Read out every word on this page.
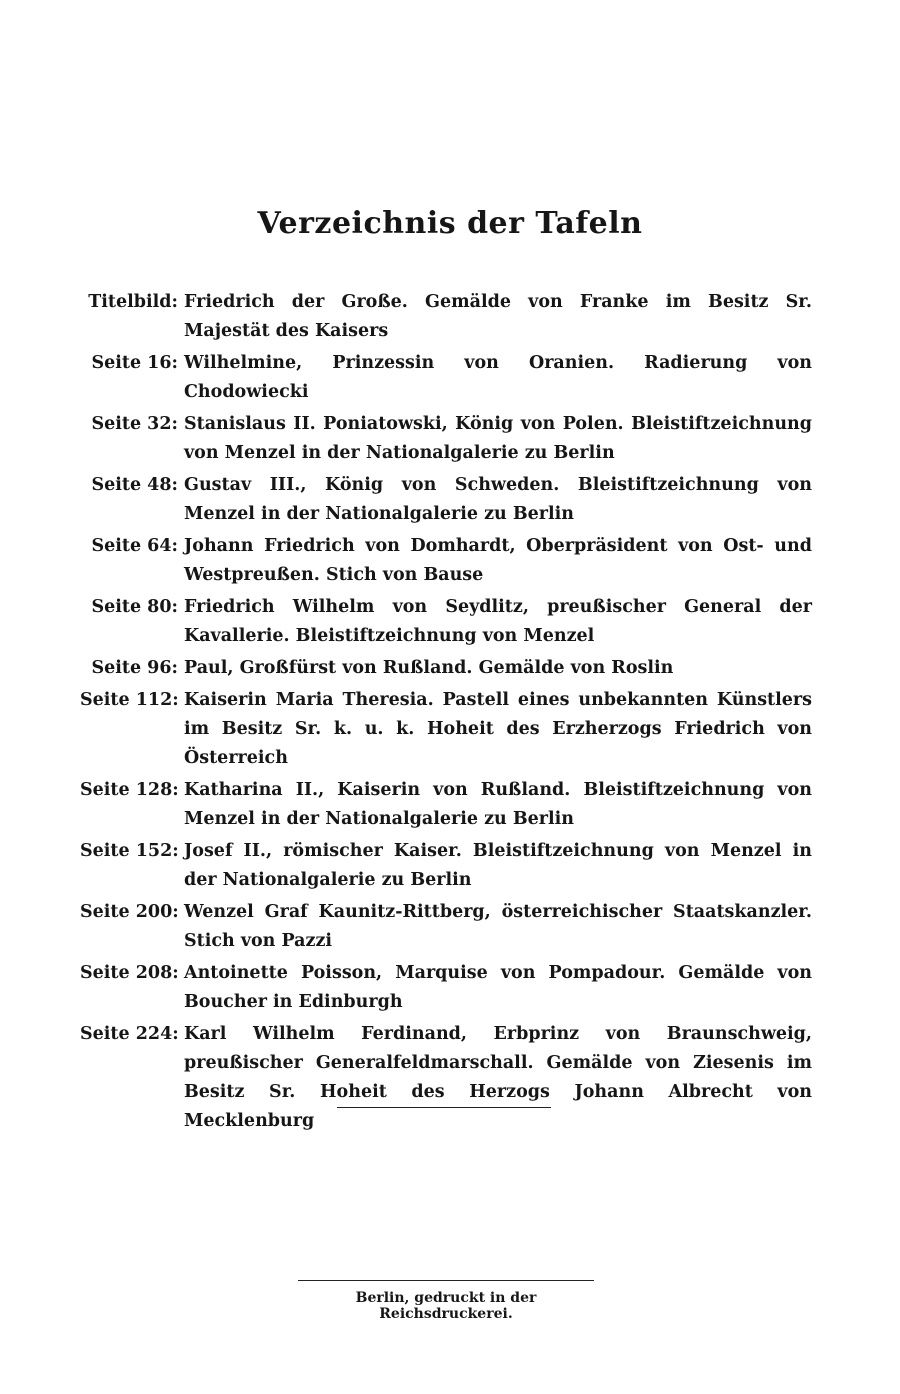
Verzeichnis der Tafeln
Titelbild: Friedrich der Große. Gemälde von Franke im Besitz Sr. Majestät des Kaisers
Seite 16: Wilhelmine, Prinzessin von Oranien. Radierung von Chodowiecki
Seite 32: Stanislaus II. Poniatowski, König von Polen. Bleistiftzeichnung von Menzel in der Nationalgalerie zu Berlin
Seite 48: Gustav III., König von Schweden. Bleistiftzeichnung von Menzel in der Nationalgalerie zu Berlin
Seite 64: Johann Friedrich von Domhardt, Oberpräsident von Ost- und Westpreußen. Stich von Bause
Seite 80: Friedrich Wilhelm von Seydlitz, preußischer General der Kavallerie. Bleistiftzeichnung von Menzel
Seite 96: Paul, Großfürst von Rußland. Gemälde von Roslin
Seite 112: Kaiserin Maria Theresia. Pastell eines unbekannten Künstlers im Besitz Sr. k. u. k. Hoheit des Erzherzogs Friedrich von Österreich
Seite 128: Katharina II., Kaiserin von Rußland. Bleistiftzeichnung von Menzel in der Nationalgalerie zu Berlin
Seite 152: Josef II., römischer Kaiser. Bleistiftzeichnung von Menzel in der Nationalgalerie zu Berlin
Seite 200: Wenzel Graf Kaunitz-Rittberg, österreichischer Staatskanzler. Stich von Pazzi
Seite 208: Antoinette Poisson, Marquise von Pompadour. Gemälde von Boucher in Edinburgh
Seite 224: Karl Wilhelm Ferdinand, Erbprinz von Braunschweig, preußischer Generalfeldmarschall. Gemälde von Ziesenis im Besitz Sr. Hoheit des Herzogs Johann Albrecht von Mecklenburg
Berlin, gedruckt in der Reichsdruckerei.
